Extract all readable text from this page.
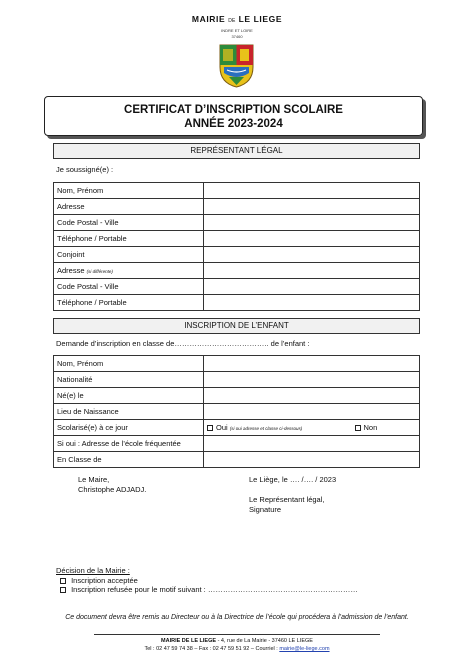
MAIRIE DE LE LIEGE
INDRE ET LOIRE
37460
CERTIFICAT D’INSCRIPTION SCOLAIRE
ANNÉE 2023-2024
REPRÉSENTANT LÉGAL
Je soussigné(e) :
Nom, Prénom	
Adresse	
Code Postal - Ville	
Téléphone / Portable	
Conjoint	
Adresse (si différente)	
Code Postal - Ville	
Téléphone / Portable	
INSCRIPTION DE L’ENFANT
Demande d’inscription en classe de……………………………….. de l’enfant :
Nom, Prénom		
Nationalité		
Né(e) le		
Lieu de Naissance		
Scolarisé(e) à ce jour	Oui (si oui adresse et classe ci-dessous)	Non
Si oui : Adresse de l’école fréquentée		
En Classe de		
Le Maire,
Christophe ADJADJ.
Le Liège, le …. /…. / 2023
Le Représentant légal,
Signature
Décision de la Mairie :
Inscription acceptée
Inscription refusée pour le motif suivant : ……………………………………………………
Ce document devra être remis au Directeur ou à la Directrice de l’école qui procédera à l’admission de l’enfant.
MAIRIE DE LE LIEGE - 4, rue de La Mairie - 37460 LE LIEGE
Tel : 02 47 59 74 38 – Fax : 02 47 59 51 92 – Courriel : mairie@le-liege.com
